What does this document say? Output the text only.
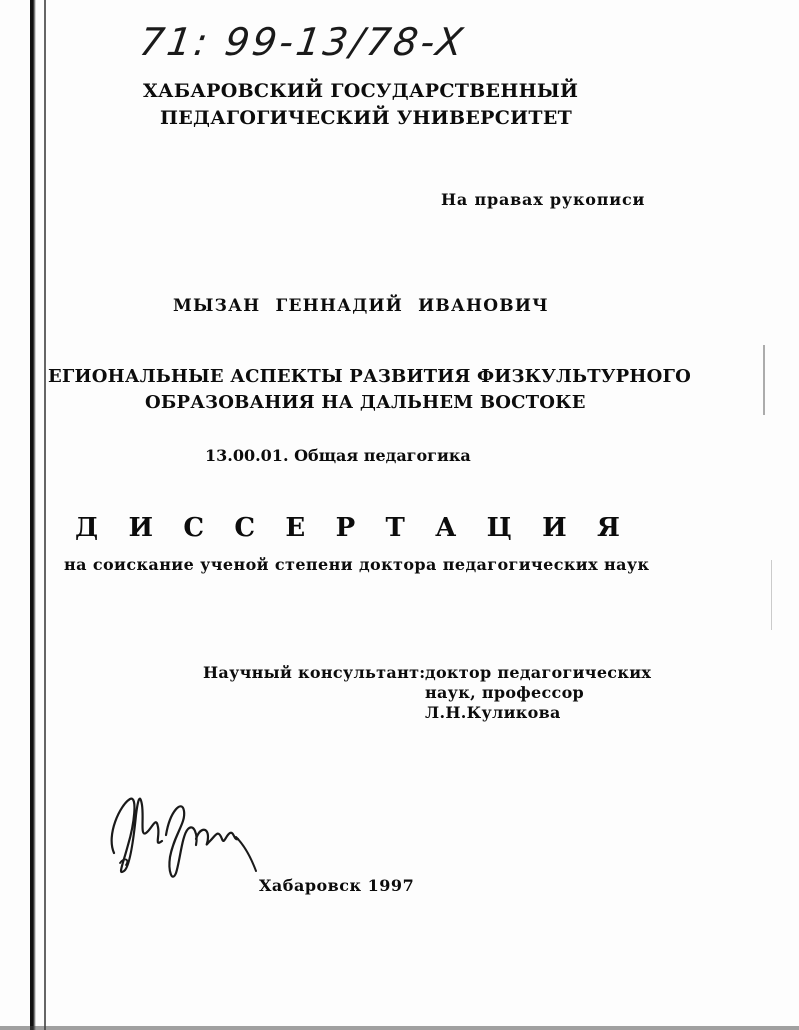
71: 99-13/78-X
ХАБАРОВСКИЙ ГОСУДАРСТВЕННЫЙ
ПЕДАГОГИЧЕСКИЙ УНИВЕРСИТЕТ
На правах рукописи
МЫЗАН ГЕННАДИЙ ИВАНОВИЧ
ЕГИОНАЛЬНЫЕ АСПЕКТЫ РАЗВИТИЯ ФИЗКУЛЬТУРНОГО
ОБРАЗОВАНИЯ НА ДАЛЬНЕМ ВОСТОКЕ
13.00.01. Общая педагогика
Д И С С Е Р Т А Ц И Я
на соискание ученой степени доктора педагогических наук
Научный консультант: доктор педагогических
наук, профессор
Л.Н.Куликова
Хабаровск 1997
